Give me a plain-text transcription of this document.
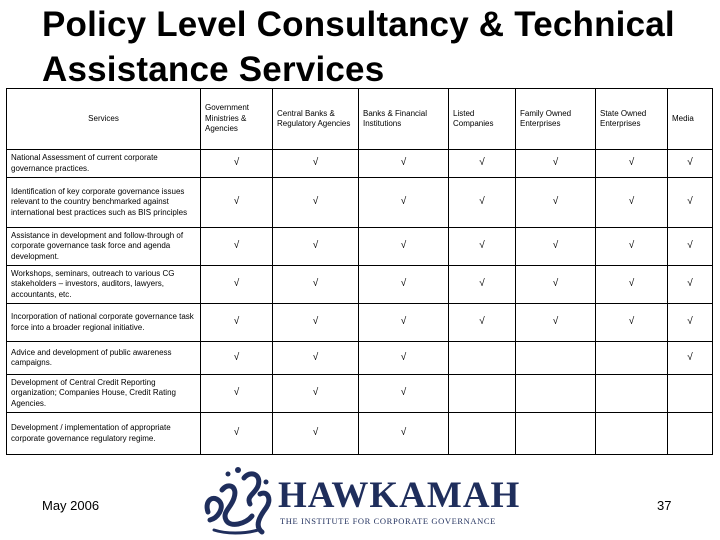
Policy Level Consultancy & Technical Assistance Services
Services	Government Ministries & Agencies	Central Banks & Regulatory Agencies	Banks & Financial Institutions	Listed Companies	Family Owned Enterprises	State Owned Enterprises	Media
National Assessment of current corporate governance practices.	√	√	√	√	√	√	√
Identification of key corporate governance issues relevant to the country benchmarked against international best practices such as BIS principles	√	√	√	√	√	√	√
Assistance in development and follow-through of corporate governance task force and agenda development.	√	√	√	√	√	√	√
Workshops, seminars, outreach to various CG stakeholders – investors, auditors, lawyers, accountants, etc.	√	√	√	√	√	√	√
Incorporation of national corporate governance task force into a broader regional initiative.	√	√	√	√	√	√	√
Advice and development of public awareness campaigns.	√	√	√				√
Development of Central Credit Reporting organization; Companies House, Credit Rating Agencies.	√	√	√				
Development / implementation of appropriate corporate governance regulatory regime.	√	√	√				
May 2006	HAWKAMAH
THE INSTITUTE FOR CORPORATE GOVERNANCE
37
